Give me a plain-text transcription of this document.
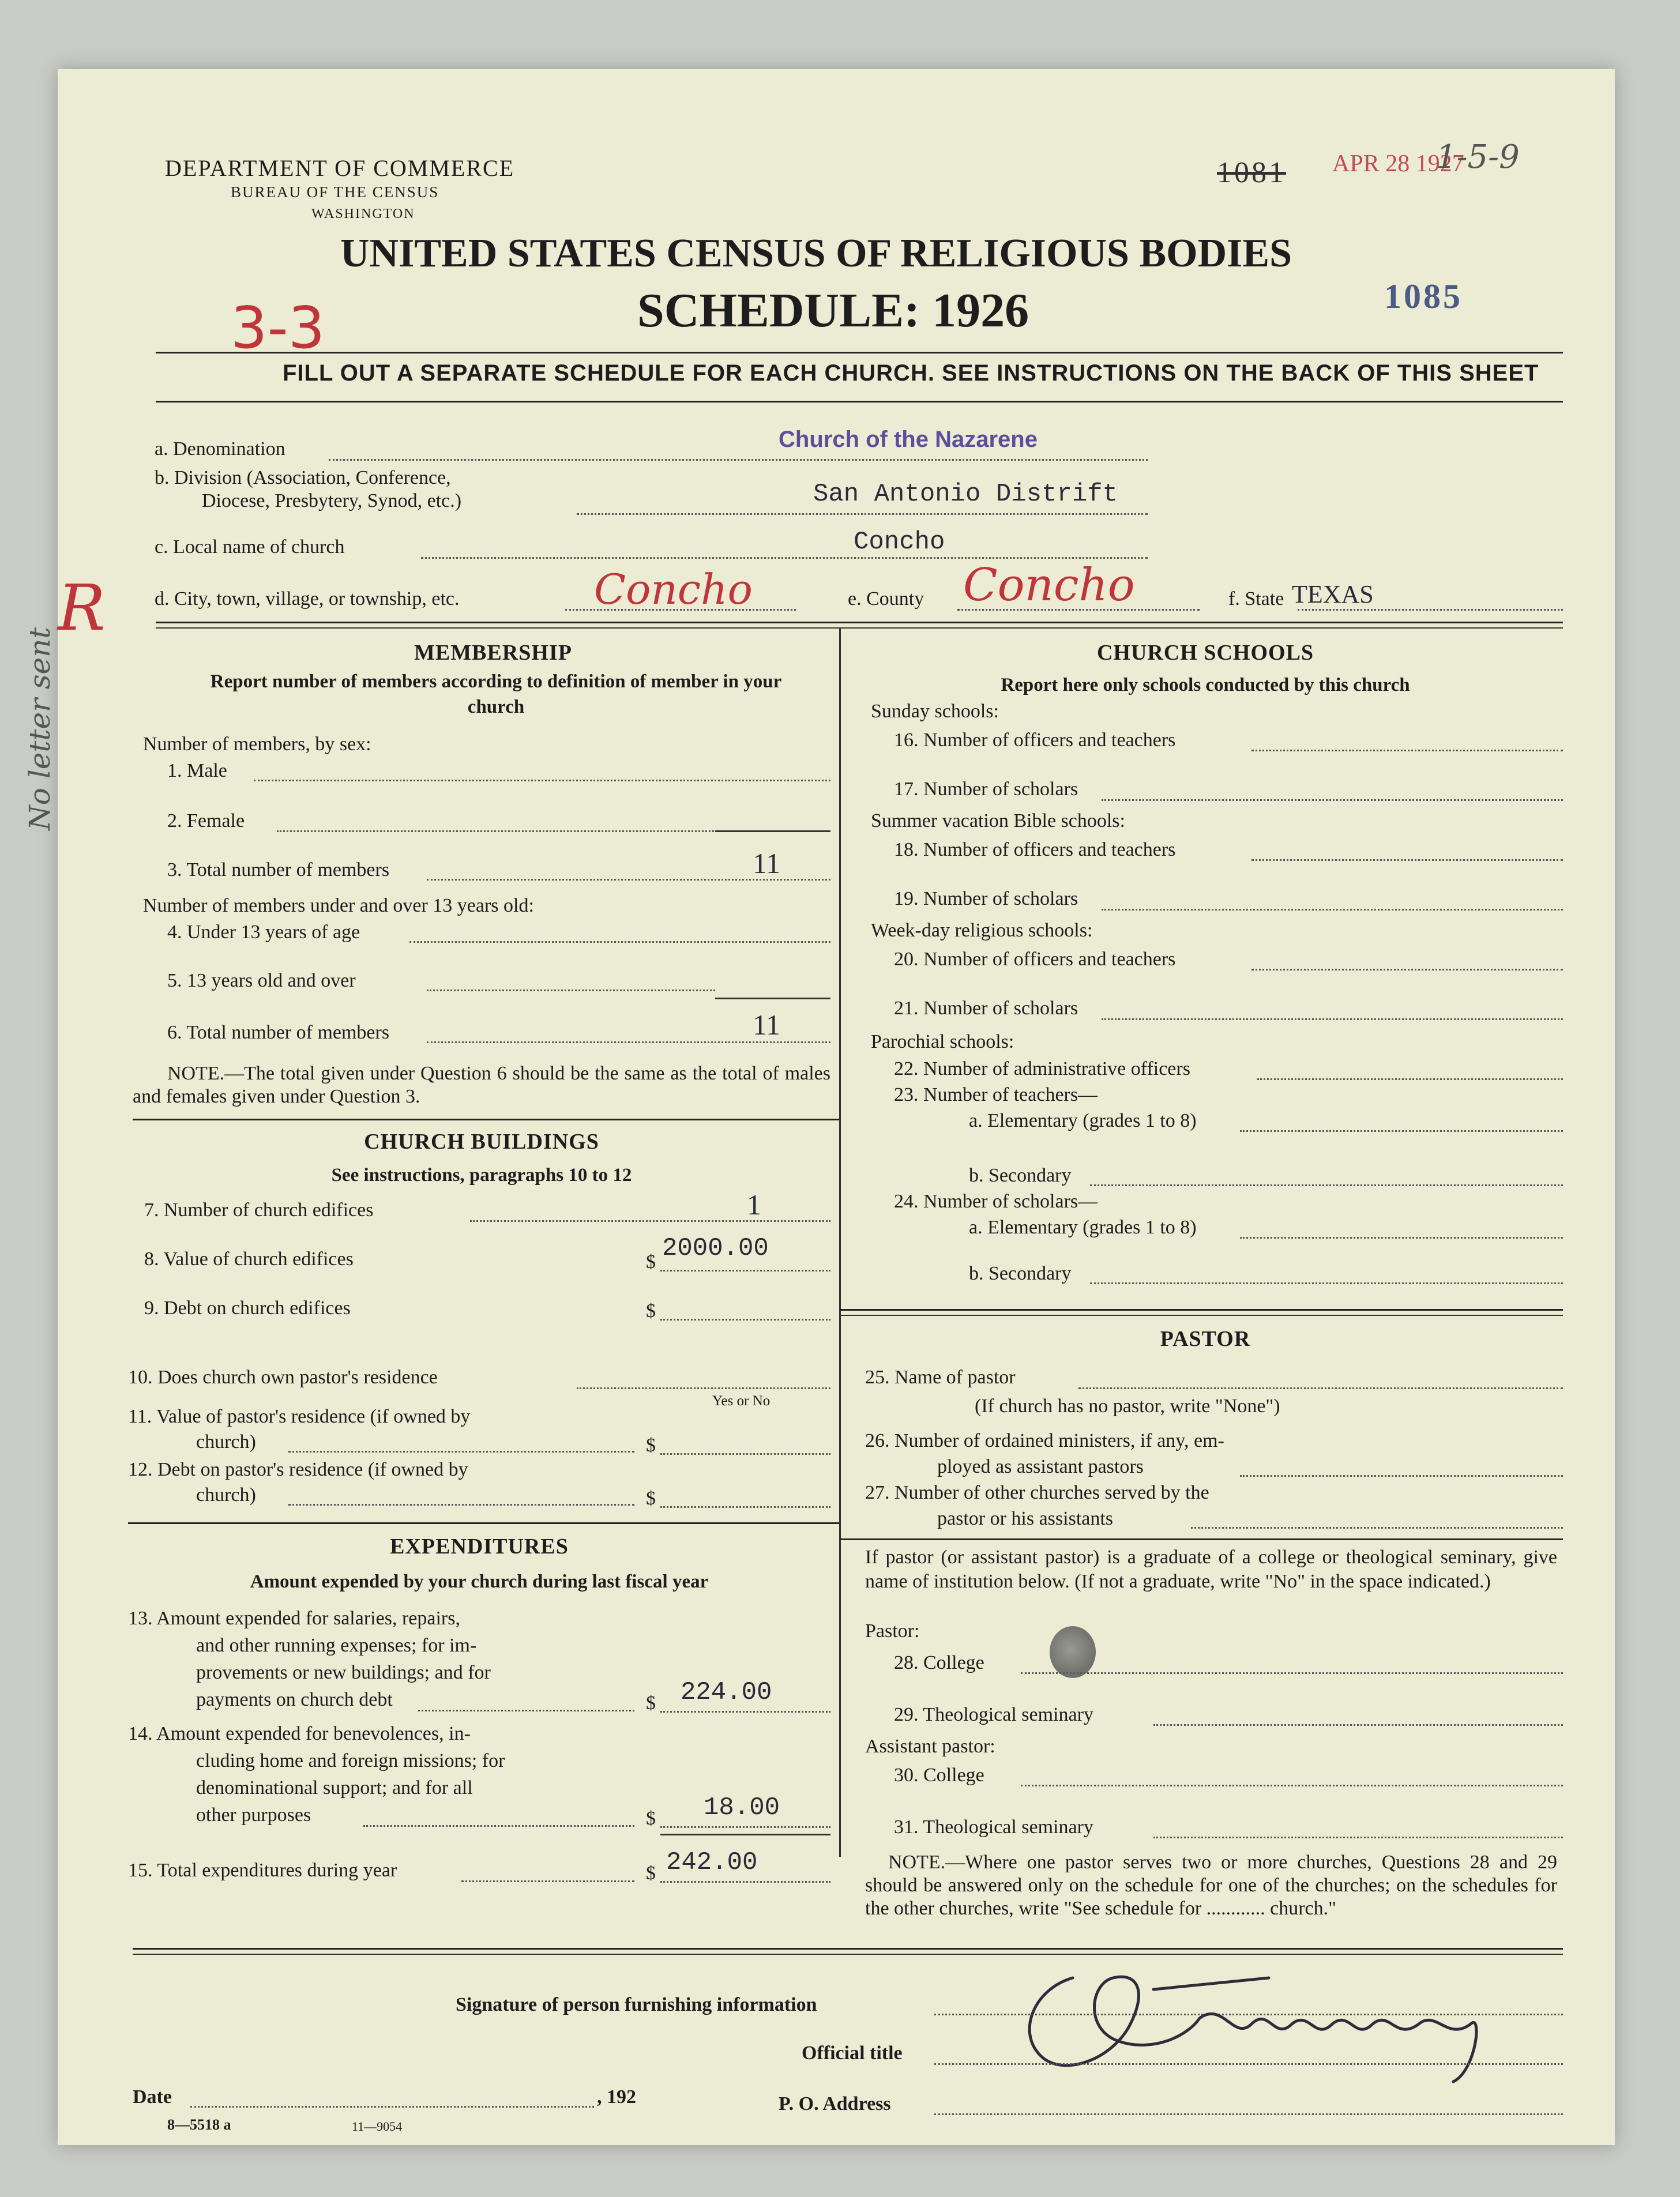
DEPARTMENT OF COMMERCE
BUREAU OF THE CENSUS
WASHINGTON
UNITED STATES CENSUS OF RELIGIOUS BODIES
SCHEDULE: 1926
3-3
1081 APR 28 1927
1-5-9
1085
FILL OUT A SEPARATE SCHEDULE FOR EACH CHURCH. SEE INSTRUCTIONS ON THE BACK OF THIS SHEET
a. Denomination	Church of the Nazarene
b. Division (Association, Conference,
Diocese, Presbytery, Synod, etc.)	San Antonio Distrift
c. Local name of church	Concho
R	d. City, town, village, or township, etc.	Concho	e. County Concho	f. State TEXAS
No letter sent	MEMBERSHIP
Report number of members according to definition of member in your church
Number of members, by sex:
1. Male
2. Female
3. Total number of members	11
Number of members under and over 13 years old:
4. Under 13 years of age
5. 13 years old and over
6. Total number of members	11
NOTE.—The total given under Question 6 should be the same as the total of males and females given under Question 3.
CHURCH BUILDINGS
See instructions, paragraphs 10 to 12
7. Number of church edifices	1
8. Value of church edifices	$ 2000.00
9. Debt on church edifices	$
10. Does church own pastor's residence
Yes or No
11. Value of pastor's residence (if owned by
church)	$
12. Debt on pastor's residence (if owned by
church)	$
EXPENDITURES
Amount expended by your church during last fiscal year
13. Amount expended for salaries, repairs,
and other running expenses; for im-
provements or new buildings; and for
payments on church debt	$ 224.00
14. Amount expended for benevolences, in-
cluding home and foreign missions; for
denominational support; and for all
other purposes	$ 18.00
15. Total expenditures during year	$ 242.00
CHURCH SCHOOLS
Report here only schools conducted by this church
Sunday schools:
16. Number of officers and teachers
17. Number of scholars
Summer vacation Bible schools:
18. Number of officers and teachers
19. Number of scholars
Week-day religious schools:
20. Number of officers and teachers
21. Number of scholars
Parochial schools:
22. Number of administrative officers
23. Number of teachers—
a. Elementary (grades 1 to 8)
b. Secondary
24. Number of scholars—
a. Elementary (grades 1 to 8)
b. Secondary
PASTOR
25. Name of pastor
(If church has no pastor, write "None")
26. Number of ordained ministers, if any, em-
ployed as assistant pastors
27. Number of other churches served by the
pastor or his assistants
If pastor (or assistant pastor) is a graduate of a college or theological seminary, give name of institution below. (If not a graduate, write "No" in the space indicated.)
Pastor:
28. College
29. Theological seminary
Assistant pastor:
30. College
31. Theological seminary
NOTE.—Where one pastor serves two or more churches, Questions 28 and 29 should be answered only on the schedule for one of the churches; on the schedules for the other churches, write "See schedule for ............ church."
Signature of person furnishing information
Official title
Date	, 192	P. O. Address
8—5518 a	11—9054
